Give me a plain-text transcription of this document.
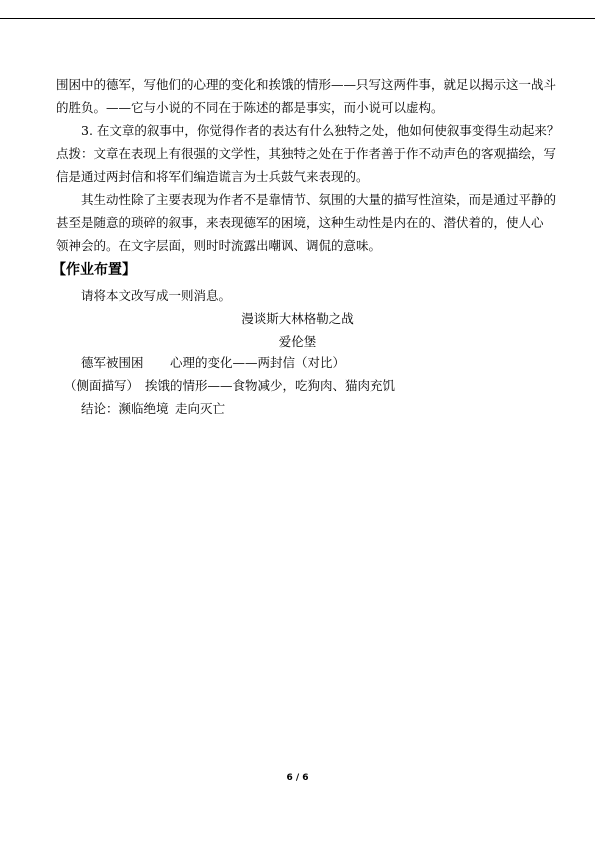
围困中的德军，写他们的心理的变化和挨饿的情形——只写这两件事，就足以揭示这一战斗
的胜负。——它与小说的不同在于陈述的都是事实，而小说可以虚构。
3. 在文章的叙事中，你觉得作者的表达有什么独特之处，他如何使叙事变得生动起来？
点拨：文章在表现上有很强的文学性，其独特之处在于作者善于作不动声色的客观描绘，写
信是通过两封信和将军们编造谎言为士兵鼓气来表现的。
其生动性除了主要表现为作者不是靠情节、氛围的大量的描写性渲染，而是通过平静的
甚至是随意的琐碎的叙事，来表现德军的困境，这种生动性是内在的、潜伏着的，使人心
领神会的。在文字层面，则时时流露出嘲讽、调侃的意味。
【作业布置】
请将本文改写成一则消息。
漫谈斯大林格勒之战
爱伦堡
德军被围困 心理的变化——两封信（对比）
（侧面描写） 挨饿的情形——食物减少，吃狗肉、猫肉充饥
结论：濒临绝境 走向灭亡
6 / 6
